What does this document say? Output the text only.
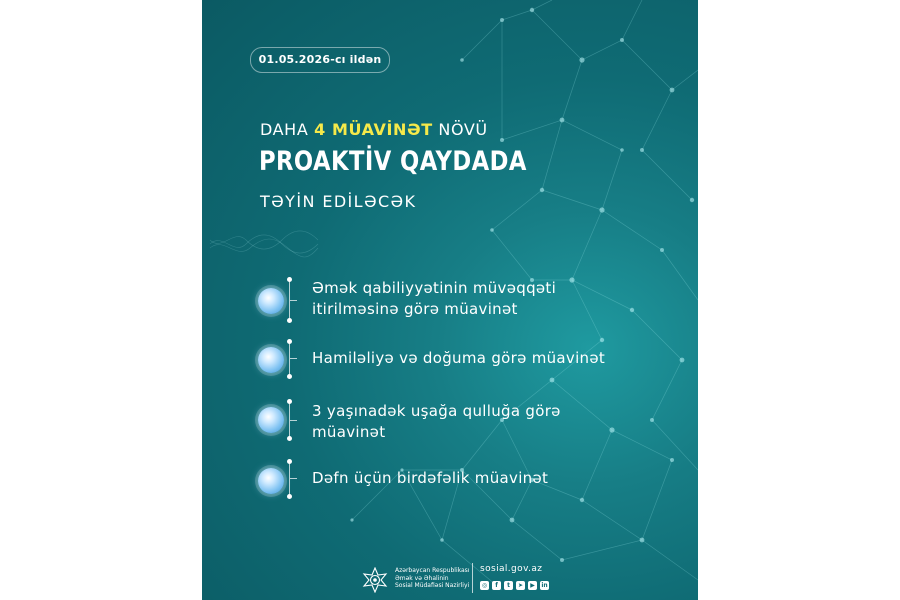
01.05.2026-cı ildən
DAHA 4 MÜAVİNƏT NÖVÜ
PROAKTİV QAYDADA
TƏYİN EDİLƏCƏK
Əmək qabiliyyətinin müvəqqəti
itirilməsinə görə müavinət
Hamiləliyə və doğuma görə müavinət
3 yaşınadək uşağa qulluğa görə
müavinət
Dəfn üçün birdəfəlik müavinət
Azərbaycan Respublikası
Əmək və Əhalinin
Sosial Müdafiəsi Nazirliyi
sosial.gov.az
◎	f	t	➤	▶	in
